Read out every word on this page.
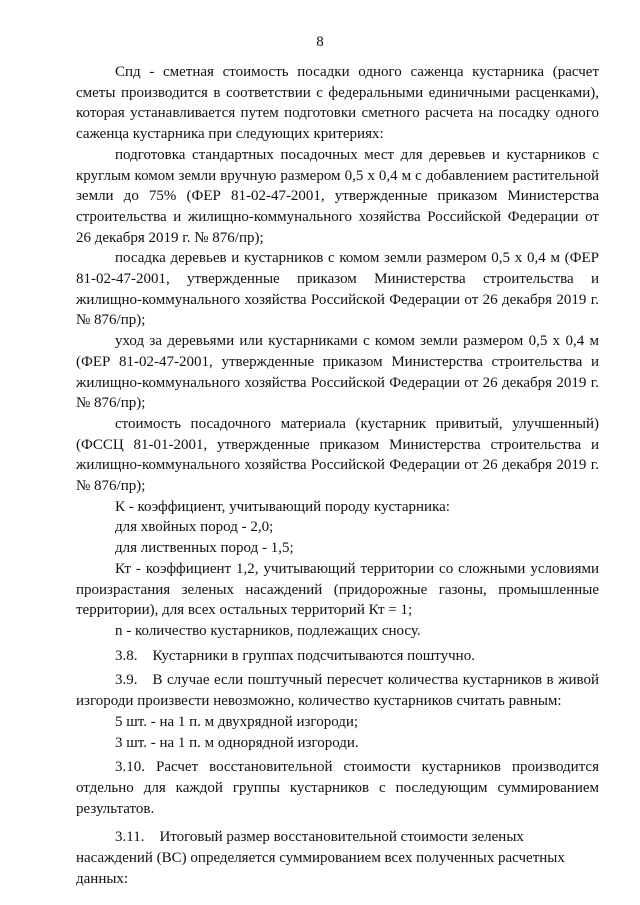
8

Спд - сметная стоимость посадки одного саженца кустарника (расчет сметы производится в соответствии с федеральными единичными расценками), которая устанавливается путем подготовки сметного расчета на посадку одного саженца кустарника при следующих критериях:

подготовка стандартных посадочных мест для деревьев и кустарников с круглым комом земли вручную размером 0,5 х 0,4 м с добавлением растительной земли до 75% (ФЕР 81-02-47-2001, утвержденные приказом Министерства строительства и жилищно-коммунального хозяйства Российской Федерации от 26 декабря 2019 г. № 876/пр);

посадка деревьев и кустарников с комом земли размером 0,5 х 0,4 м (ФЕР 81-02-47-2001, утвержденные приказом Министерства строительства и жилищно-коммунального хозяйства Российской Федерации от 26 декабря 2019 г. № 876/пр);

уход за деревьями или кустарниками с комом земли размером 0,5 х 0,4 м (ФЕР 81-02-47-2001, утвержденные приказом Министерства строительства и жилищно-коммунального хозяйства Российской Федерации от 26 декабря 2019 г. № 876/пр);

стоимость посадочного материала (кустарник привитый, улучшенный) (ФССЦ 81-01-2001, утвержденные приказом Министерства строительства и жилищно-коммунального хозяйства Российской Федерации от 26 декабря 2019 г. № 876/пр);

К - коэффициент, учитывающий породу кустарника:

для хвойных пород - 2,0;

для лиственных пород - 1,5;

Кт - коэффициент 1,2, учитывающий территории со сложными условиями произрастания зеленых насаждений (придорожные газоны, промышленные территории), для всех остальных территорий Кт = 1;

n - количество кустарников, подлежащих сносу.

3.8. Кустарники в группах подсчитываются поштучно.

3.9. В случае если поштучный пересчет количества кустарников в живой изгороди произвести невозможно, количество кустарников считать равным:

5 шт. - на 1 п. м двухрядной изгороди;

3 шт. - на 1 п. м однорядной изгороди.

3.10. Расчет восстановительной стоимости кустарников производится отдельно для каждой группы кустарников с последующим суммированием результатов.

3.11. Итоговый размер восстановительной стоимости зеленых насаждений (ВС) определяется суммированием всех полученных расчетных данных:
